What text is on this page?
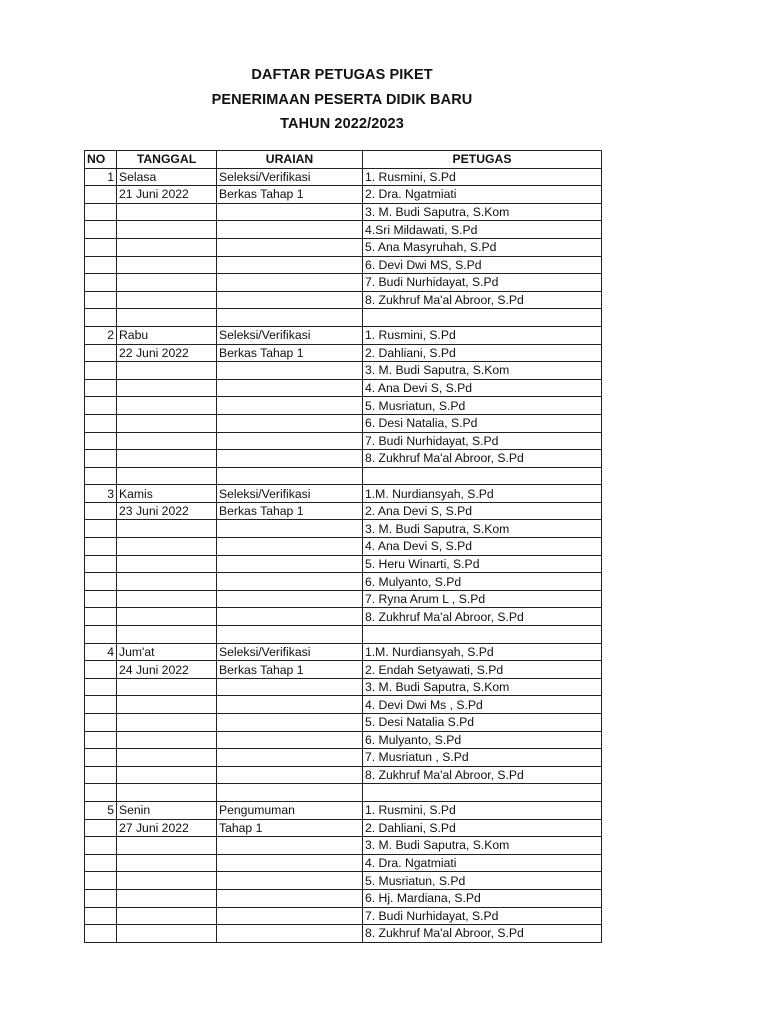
DAFTAR PETUGAS PIKET
PENERIMAAN PESERTA DIDIK BARU
TAHUN 2022/2023
NO	TANGGAL	URAIAN	PETUGAS
1	Selasa	Seleksi/Verifikasi	1. Rusmini, S.Pd
	21 Juni 2022	Berkas Tahap 1	2. Dra. Ngatmiati
			3. M. Budi Saputra, S.Kom
			4.Sri Mildawati, S.Pd
			5. Ana Masyruhah, S.Pd
			6. Devi Dwi MS, S.Pd
			7. Budi Nurhidayat, S.Pd
			8. Zukhruf Ma'al Abroor, S.Pd

2	Rabu	Seleksi/Verifikasi	1. Rusmini, S.Pd
	22 Juni 2022	Berkas Tahap 1	2. Dahliani, S.Pd
			3. M. Budi Saputra, S.Kom
			4. Ana Devi S, S.Pd
			5. Musriatun, S.Pd
			6. Desi Natalia, S.Pd
			7. Budi Nurhidayat, S.Pd
			8. Zukhruf Ma'al Abroor, S.Pd

3	Kamis	Seleksi/Verifikasi	1.M. Nurdiansyah, S.Pd
	23 Juni 2022	Berkas Tahap 1	2. Ana Devi S, S.Pd
			3. M. Budi Saputra, S.Kom
			4. Ana Devi S, S.Pd
			5. Heru Winarti, S.Pd
			6. Mulyanto, S.Pd
			7. Ryna Arum L , S.Pd
			8. Zukhruf Ma'al Abroor, S.Pd

4	Jum'at	Seleksi/Verifikasi	1.M. Nurdiansyah, S.Pd
	24 Juni 2022	Berkas Tahap 1	2. Endah Setyawati, S.Pd
			3. M. Budi Saputra, S.Kom
			4. Devi Dwi Ms , S.Pd
			5. Desi Natalia S.Pd
			6. Mulyanto, S.Pd
			7. Musriatun , S.Pd
			8. Zukhruf Ma'al Abroor, S.Pd

5	Senin	Pengumuman	1. Rusmini, S.Pd
	27 Juni 2022	Tahap 1	2. Dahliani, S.Pd
			3. M. Budi Saputra, S.Kom
			4. Dra. Ngatmiati
			5. Musriatun, S.Pd
			6. Hj. Mardiana, S.Pd
			7. Budi Nurhidayat, S.Pd
			8. Zukhruf Ma'al Abroor, S.Pd
